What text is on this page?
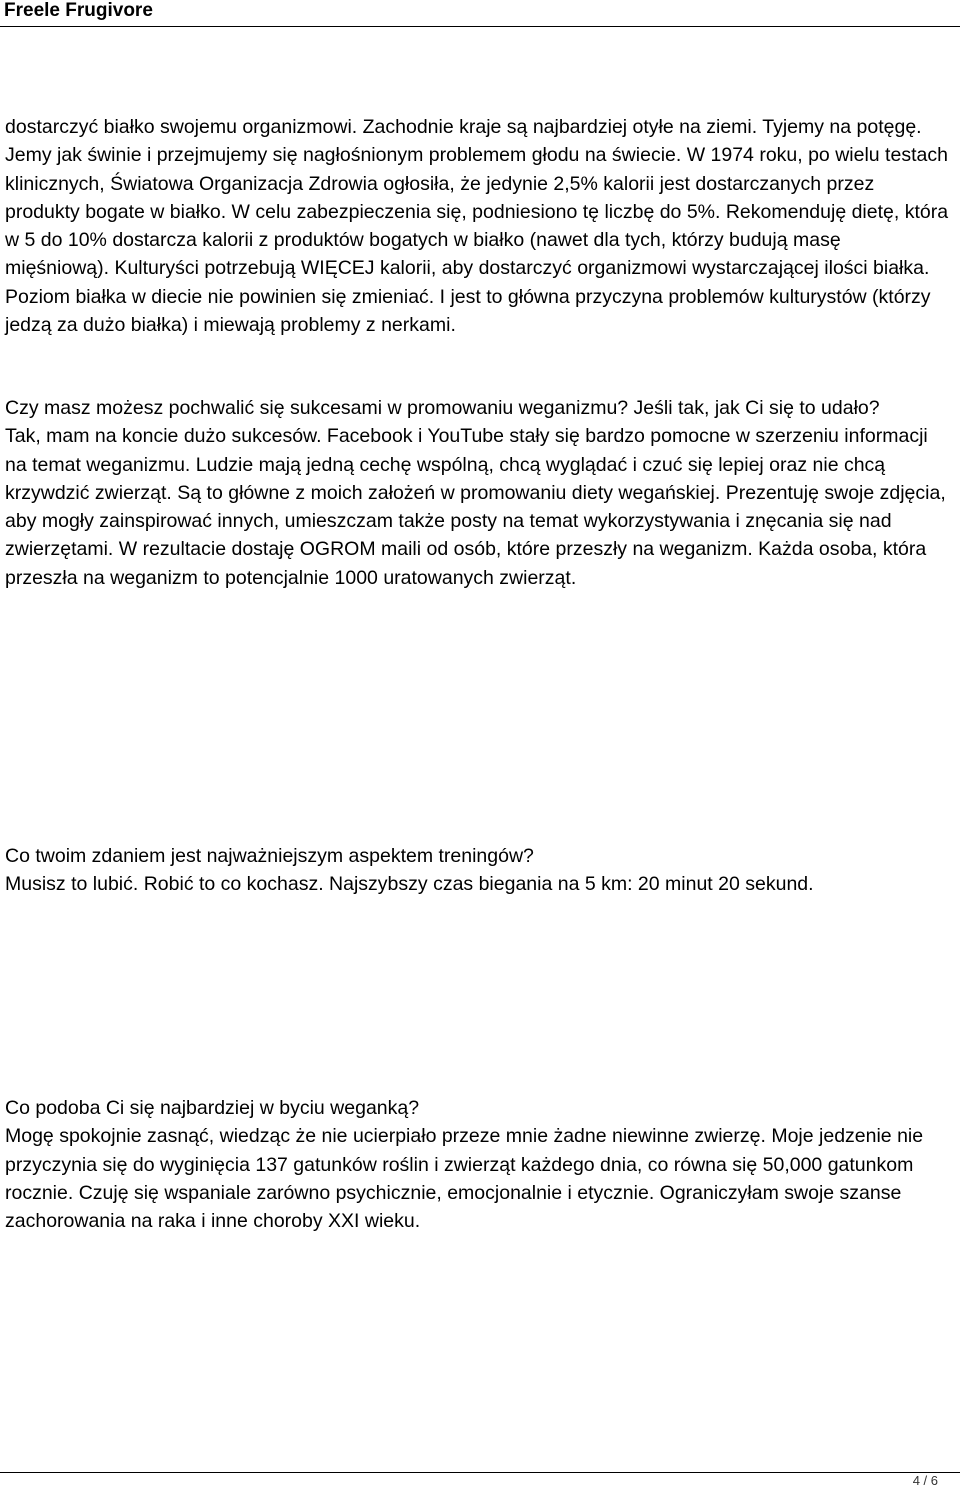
Freele Frugivore

dostarczyć białko swojemu organizmowi. Zachodnie kraje są najbardziej otyłe na ziemi. Tyjemy na potęgę. Jemy jak świnie i przejmujemy się nagłośnionym problemem głodu na świecie. W 1974 roku, po wielu testach klinicznych, Światowa Organizacja Zdrowia ogłosiła, że jedynie 2,5% kalorii jest dostarczanych przez produkty bogate w białko. W celu zabezpieczenia się, podniesiono tę liczbę do 5%. Rekomenduję dietę, która w 5 do 10% dostarcza kalorii z produktów bogatych w białko (nawet dla tych, którzy budują masę mięśniową). Kulturyści potrzebują WIĘCEJ kalorii, aby dostarczyć organizmowi wystarczającej ilości białka. Poziom białka w diecie nie powinien się zmieniać. I jest to główna przyczyna problemów kulturystów (którzy jedzą za dużo białka) i miewają problemy z nerkami.

Czy masz możesz pochwalić się sukcesami w promowaniu weganizmu? Jeśli tak, jak Ci się to udało?
Tak, mam na koncie dużo sukcesów. Facebook i YouTube stały się bardzo pomocne w szerzeniu informacji na temat weganizmu. Ludzie mają jedną cechę wspólną, chcą wyglądać i czuć się lepiej oraz nie chcą krzywdzić zwierząt. Są to główne z moich założeń w promowaniu diety wegańskiej. Prezentuję swoje zdjęcia, aby mogły zainspirować innych, umieszczam także posty na temat wykorzystywania i znęcania się nad zwierzętami. W rezultacie dostaję OGROM maili od osób, które przeszły na weganizm. Każda osoba, która przeszła na weganizm to potencjalnie 1000 uratowanych zwierząt.

Co twoim zdaniem jest najważniejszym aspektem treningów?
Musisz to lubić. Robić to co kochasz. Najszybszy czas biegania na 5 km: 20 minut 20 sekund.

Co podoba Ci się najbardziej w byciu weganką?
Mogę spokojnie zasnąć, wiedząc że nie ucierpiało przeze mnie żadne niewinne zwierzę. Moje jedzenie nie przyczynia się do wyginięcia 137 gatunków roślin i zwierząt każdego dnia, co równa się 50,000 gatunkom rocznie. Czuję się wspaniale zarówno psychicznie, emocjonalnie i etycznie. Ograniczyłam swoje szanse zachorowania na raka i inne choroby XXI wieku.

4 / 6
